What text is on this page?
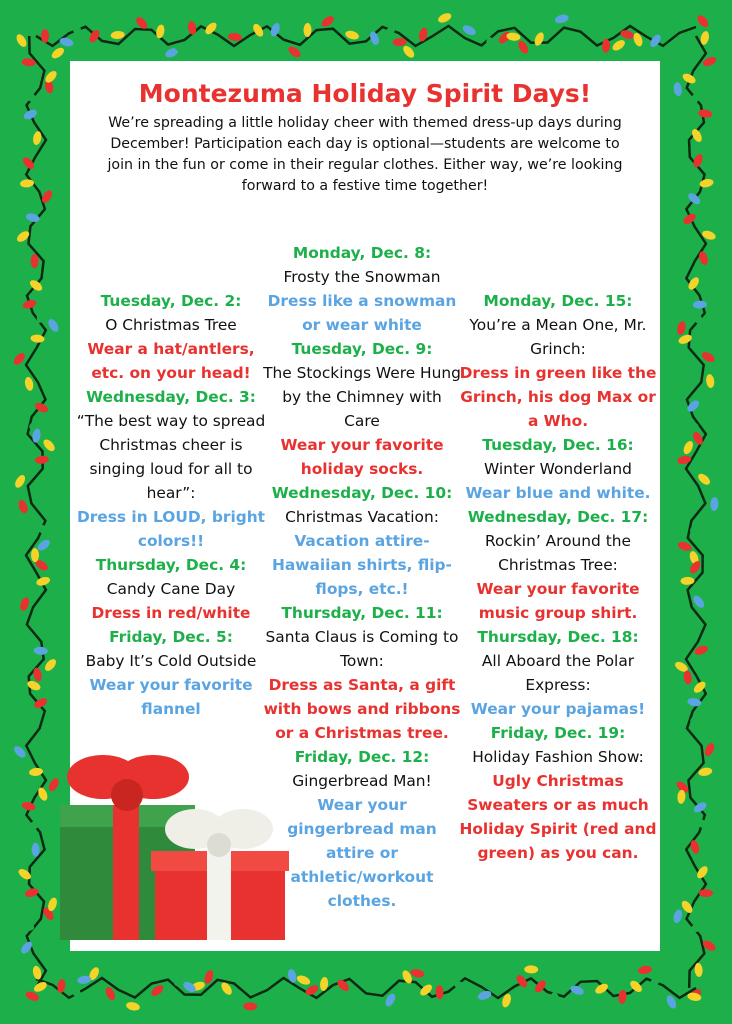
Montezuma Holiday Spirit Days!
We’re spreading a little holiday cheer with themed dress-up days during December! Participation each day is optional—students are welcome to join in the fun or come in their regular clothes. Either way, we’re looking forward to a festive time together!
Tuesday, Dec. 2:
O Christmas Tree
Wear a hat/antlers, etc. on your head!
Wednesday, Dec. 3:
“The best way to spread Christmas cheer is singing loud for all to hear”:
Dress in LOUD, bright colors!!
Thursday, Dec. 4:
Candy Cane Day
Dress in red/white
Friday, Dec. 5:
Baby It’s Cold Outside
Wear your favorite flannel
Monday, Dec. 8:
Frosty the Snowman
Dress like a snowman or wear white
Tuesday, Dec. 9:
The Stockings Were Hung by the Chimney with Care
Wear your favorite holiday socks.
Wednesday, Dec. 10:
Christmas Vacation:
Vacation attire- Hawaiian shirts, flip-flops, etc.!
Thursday, Dec. 11:
Santa Claus is Coming to Town:
Dress as Santa, a gift with bows and ribbons or a Christmas tree.
Friday, Dec. 12:
Gingerbread Man!
Wear your gingerbread man attire or athletic/workout clothes.
Monday, Dec. 15:
You’re a Mean One, Mr. Grinch:
Dress in green like the Grinch, his dog Max or a Who.
Tuesday, Dec. 16:
Winter Wonderland
Wear blue and white.
Wednesday, Dec. 17:
Rockin’ Around the Christmas Tree:
Wear your favorite music group shirt.
Thursday, Dec. 18:
All Aboard the Polar Express:
Wear your pajamas!
Friday, Dec. 19:
Holiday Fashion Show:
Ugly Christmas Sweaters or as much Holiday Spirit (red and green) as you can.
